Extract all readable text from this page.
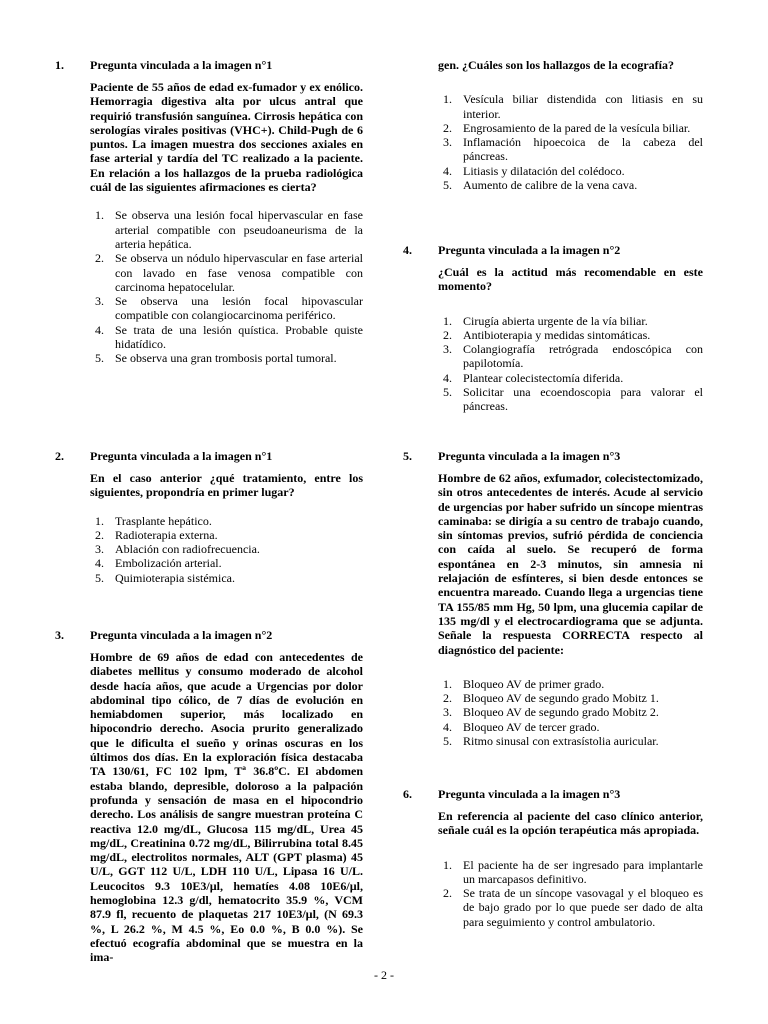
1.	Pregunta vinculada a la imagen n°1
Paciente de 55 años de edad ex-fumador y ex enólico. Hemorragia digestiva alta por ulcus antral que requirió transfusión sanguínea. Cirrosis hepática con serologías virales positivas (VHC+). Child-Pugh de 6 puntos. La imagen muestra dos secciones axiales en fase arterial y tardía del TC realizado a la paciente. En relación a los hallazgos de la prueba radiológica cuál de las siguientes afirmaciones es cierta?
1. Se observa una lesión focal hipervascular en fase arterial compatible con pseudoaneurisma de la arteria hepática.
2. Se observa un nódulo hipervascular en fase arterial con lavado en fase venosa compatible con carcinoma hepatocelular.
3. Se observa una lesión focal hipovascular compatible con colangiocarcinoma periférico.
4. Se trata de una lesión quística. Probable quiste hidatídico.
5. Se observa una gran trombosis portal tumoral.
2.	Pregunta vinculada a la imagen n°1
En el caso anterior ¿qué tratamiento, entre los siguientes, propondría en primer lugar?
1. Trasplante hepático.
2. Radioterapia externa.
3. Ablación con radiofrecuencia.
4. Embolización arterial.
5. Quimioterapia sistémica.
3.	Pregunta vinculada a la imagen n°2
Hombre de 69 años de edad con antecedentes de diabetes mellitus y consumo moderado de alcohol desde hacía años, que acude a Urgencias por dolor abdominal tipo cólico, de 7 días de evolución en hemiabdomen superior, más localizado en hipocondrio derecho. Asocia prurito generalizado que le dificulta el sueño y orinas oscuras en los últimos dos días. En la exploración física destacaba TA 130/61, FC 102 lpm, Tª 36.8ºC. El abdomen estaba blando, depresible, doloroso a la palpación profunda y sensación de masa en el hipocondrio derecho. Los análisis de sangre muestran proteína C reactiva 12.0 mg/dL, Glucosa 115 mg/dL, Urea 45 mg/dL, Creatinina 0.72 mg/dL, Bilirrubina total 8.45 mg/dL, electrolitos normales, ALT (GPT plasma) 45 U/L, GGT 112 U/L, LDH 110 U/L, Lipasa 16 U/L. Leucocitos 9.3 10E3/µl, hematíes 4.08 10E6/µl, hemoglobina 12.3 g/dl, hematocrito 35.9 %, VCM 87.9 fl, recuento de plaquetas 217 10E3/µl, (N 69.3 %, L 26.2 %, M 4.5 %, Eo 0.0 %, B 0.0 %). Se efectuó ecografía abdominal que se muestra en la ima-
gen. ¿Cuáles son los hallazgos de la ecografía?
1. Vesícula biliar distendida con litiasis en su interior.
2. Engrosamiento de la pared de la vesícula biliar.
3. Inflamación hipoecoica de la cabeza del páncreas.
4. Litiasis y dilatación del colédoco.
5. Aumento de calibre de la vena cava.
4.	Pregunta vinculada a la imagen n°2
¿Cuál es la actitud más recomendable en este momento?
1. Cirugía abierta urgente de la vía biliar.
2. Antibioterapia y medidas sintomáticas.
3. Colangiografía retrógrada endoscópica con papilotomía.
4. Plantear colecistectomía diferida.
5. Solicitar una ecoendoscopia para valorar el páncreas.
5.	Pregunta vinculada a la imagen n°3
Hombre de 62 años, exfumador, colecistectomizado, sin otros antecedentes de interés. Acude al servicio de urgencias por haber sufrido un síncope mientras caminaba: se dirigía a su centro de trabajo cuando, sin síntomas previos, sufrió pérdida de conciencia con caída al suelo. Se recuperó de forma espontánea en 2-3 minutos, sin amnesia ni relajación de esfínteres, si bien desde entonces se encuentra mareado. Cuando llega a urgencias tiene TA 155/85 mm Hg, 50 lpm, una glucemia capilar de 135 mg/dl y el electrocardiograma que se adjunta. Señale la respuesta CORRECTA respecto al diagnóstico del paciente:
1. Bloqueo AV de primer grado.
2. Bloqueo AV de segundo grado Mobitz 1.
3. Bloqueo AV de segundo grado Mobitz 2.
4. Bloqueo AV de tercer grado.
5. Ritmo sinusal con extrasístolia auricular.
6.	Pregunta vinculada a la imagen n°3
En referencia al paciente del caso clínico anterior, señale cuál es la opción terapéutica más apropiada.
1. El paciente ha de ser ingresado para implantarle un marcapasos definitivo.
2. Se trata de un síncope vasovagal y el bloqueo es de bajo grado por lo que puede ser dado de alta para seguimiento y control ambulatorio.
- 2 -
